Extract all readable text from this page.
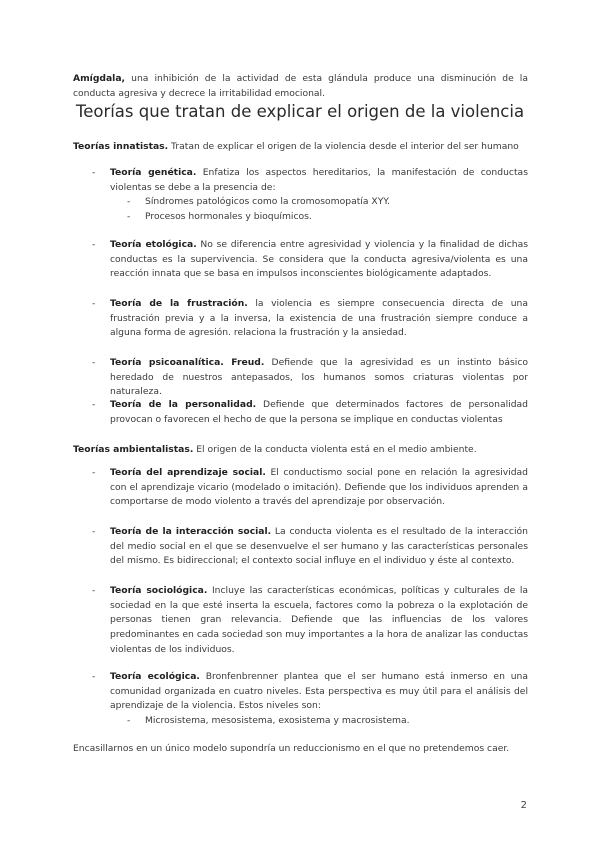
Amígdala, una inhibición de la actividad de esta glándula produce una disminución de la conducta agresiva y decrece la irritabilidad emocional.

Teorías que tratan de explicar el origen de la violencia

Teorías innatistas. Tratan de explicar el origen de la violencia desde el interior del ser humano

- Teoría genética. Enfatiza los aspectos hereditarios, la manifestación de conductas violentas se debe a la presencia de:

- Síndromes patológicos como la cromosomopatía XYY.
- Procesos hormonales y bioquímicos.
- Teoría etológica. No se diferencia entre agresividad y violencia y la finalidad de dichas conductas es la supervivencia. Se considera que la conducta agresiva/violenta es una reacción innata que se basa en impulsos inconscientes biológicamente adaptados.

- Teoría de la frustración. la violencia es siempre consecuencia directa de una frustración previa y a la inversa, la existencia de una frustración siempre conduce a alguna forma de agresión. relaciona la frustración y la ansiedad.

- Teoría psicoanalítica. Freud. Defiende que la agresividad es un instinto básico heredado de nuestros antepasados, los humanos somos criaturas violentas por naturaleza.

- Teoría de la personalidad. Defiende que determinados factores de personalidad provocan o favorecen el hecho de que la persona se implique en conductas violentas

Teorías ambientalistas. El origen de la conducta violenta está en el medio ambiente.

- Teoría del aprendizaje social. El conductismo social pone en relación la agresividad con el aprendizaje vicario (modelado o imitación). Defiende que los individuos aprenden a comportarse de modo violento a través del aprendizaje por observación.

- Teoría de la interacción social. La conducta violenta es el resultado de la interacción del medio social en el que se desenvuelve el ser humano y las características personales del mismo. Es bidireccional; el contexto social influye en el individuo y éste al contexto.

- Teoría sociológica. Incluye las características económicas, políticas y culturales de la sociedad en la que esté inserta la escuela, factores como la pobreza o la explotación de personas tienen gran relevancia. Defiende que las influencias de los valores predominantes en cada sociedad son muy importantes a la hora de analizar las conductas violentas de los individuos.

- Teoría ecológica. Bronfenbrenner plantea que el ser humano está inmerso en una comunidad organizada en cuatro niveles. Esta perspectiva es muy útil para el análisis del aprendizaje de la violencia. Estos niveles son:

- Microsistema, mesosistema, exosistema y macrosistema.

Encasillarnos en un único modelo supondría un reduccionismo en el que no pretendemos caer.

2
